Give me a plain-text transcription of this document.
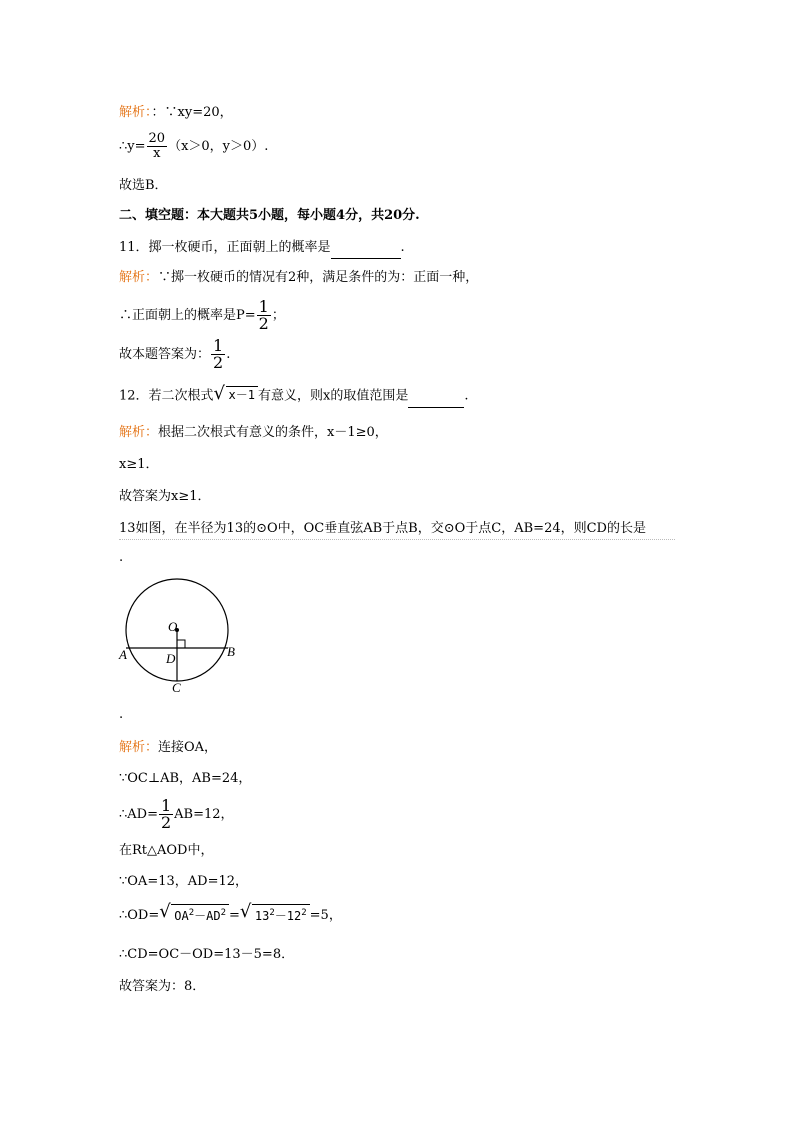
解析：：∵xy=20，
∴y= $\frac{20}{x} (x>0$，y＞0）.
故选B．
二、填空题：本大题共5小题，每小题4分，共20分.
11．掷一枚硬币，正面朝上的概率是	.
解析：∵掷一枚硬币的情况有2种，满足条件的为：正面一种，
∴正面朝上的概率是$P= \frac{1}{2}$ ；
故本题答案为： $\frac{1}{2}$ .
12．若二次根式 √ x－1 有意义，则x的取值范围是	.
解析：根据二次根式有意义的条件，x－1≥0，
x≥1．
故答案为x≥1．
13如图，在半径为13的⊙O中，OC垂直弦AB于点B，交⊙O于点C，AB=24，则CD的长是
.
O
A	B
D
C
.
解析：连接OA，
∵OC⊥AB，AB=24，
∴AD= $\frac{1}{2} AB=12$，
在Rt△AOD中，
∵OA=13，AD=12，
∴OD= √ $OA^2-AD^2$ = √ $13^2-12^2 =5$，
∴CD=OC－OD=13－5=8．
故答案为：8．
